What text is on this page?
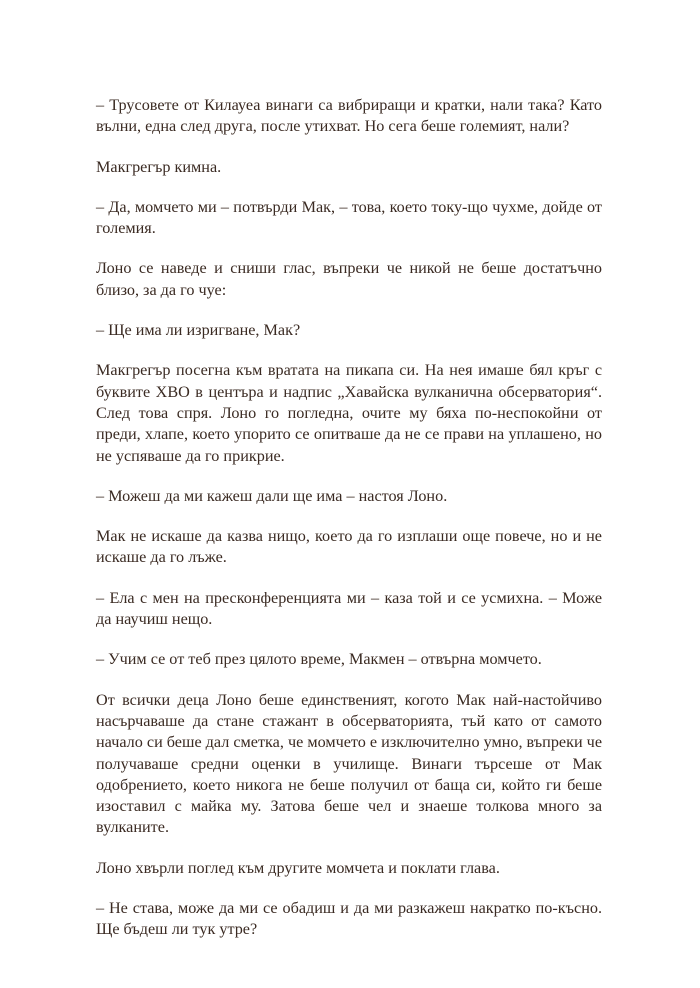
– Трусовете от Килауеа винаги са вибриращи и кратки, нали така? Като вълни, една след друга, после утихват. Но сега беше големият, нали?

Макгрегър кимна.

– Да, момчето ми – потвърди Мак, – това, което току-що чухме, дойде от големия.

Лоно се наведе и сниши глас, въпреки че никой не беше достатъчно близо, за да го чуе:

– Ще има ли изригване, Мак?

Макгрегър посегна към вратата на пикапа си. На нея имаше бял кръг с буквите ХВО в центъра и надпис „Хавайска вулканична обсерватория“. След това спря. Лоно го погледна, очите му бяха по-неспокойни от преди, хлапе, което упорито се опитваше да не се прави на уплашено, но не успяваше да го прикрие.

– Можеш да ми кажеш дали ще има – настоя Лоно.

Мак не искаше да казва нищо, което да го изплаши още повече, но и не искаше да го лъже.

– Ела с мен на пресконференцията ми – каза той и се усмихна. – Може да научиш нещо.

– Учим се от теб през цялото време, Макмен – отвърна момчето.

От всички деца Лоно беше единственият, когото Мак най-настойчиво насърчаваше да стане стажант в обсерваторията, тъй като от самото начало си беше дал сметка, че момчето е изключително умно, въпреки че получаваше средни оценки в училище. Винаги търсеше от Мак одобрението, което никога не беше получил от баща си, който ги беше изоставил с майка му. Затова беше чел и знаеше толкова много за вулканите.

Лоно хвърли поглед към другите момчета и поклати глава.

– Не става, може да ми се обадиш и да ми разкажеш накратко по-късно. Ще бъдеш ли тук утре?
